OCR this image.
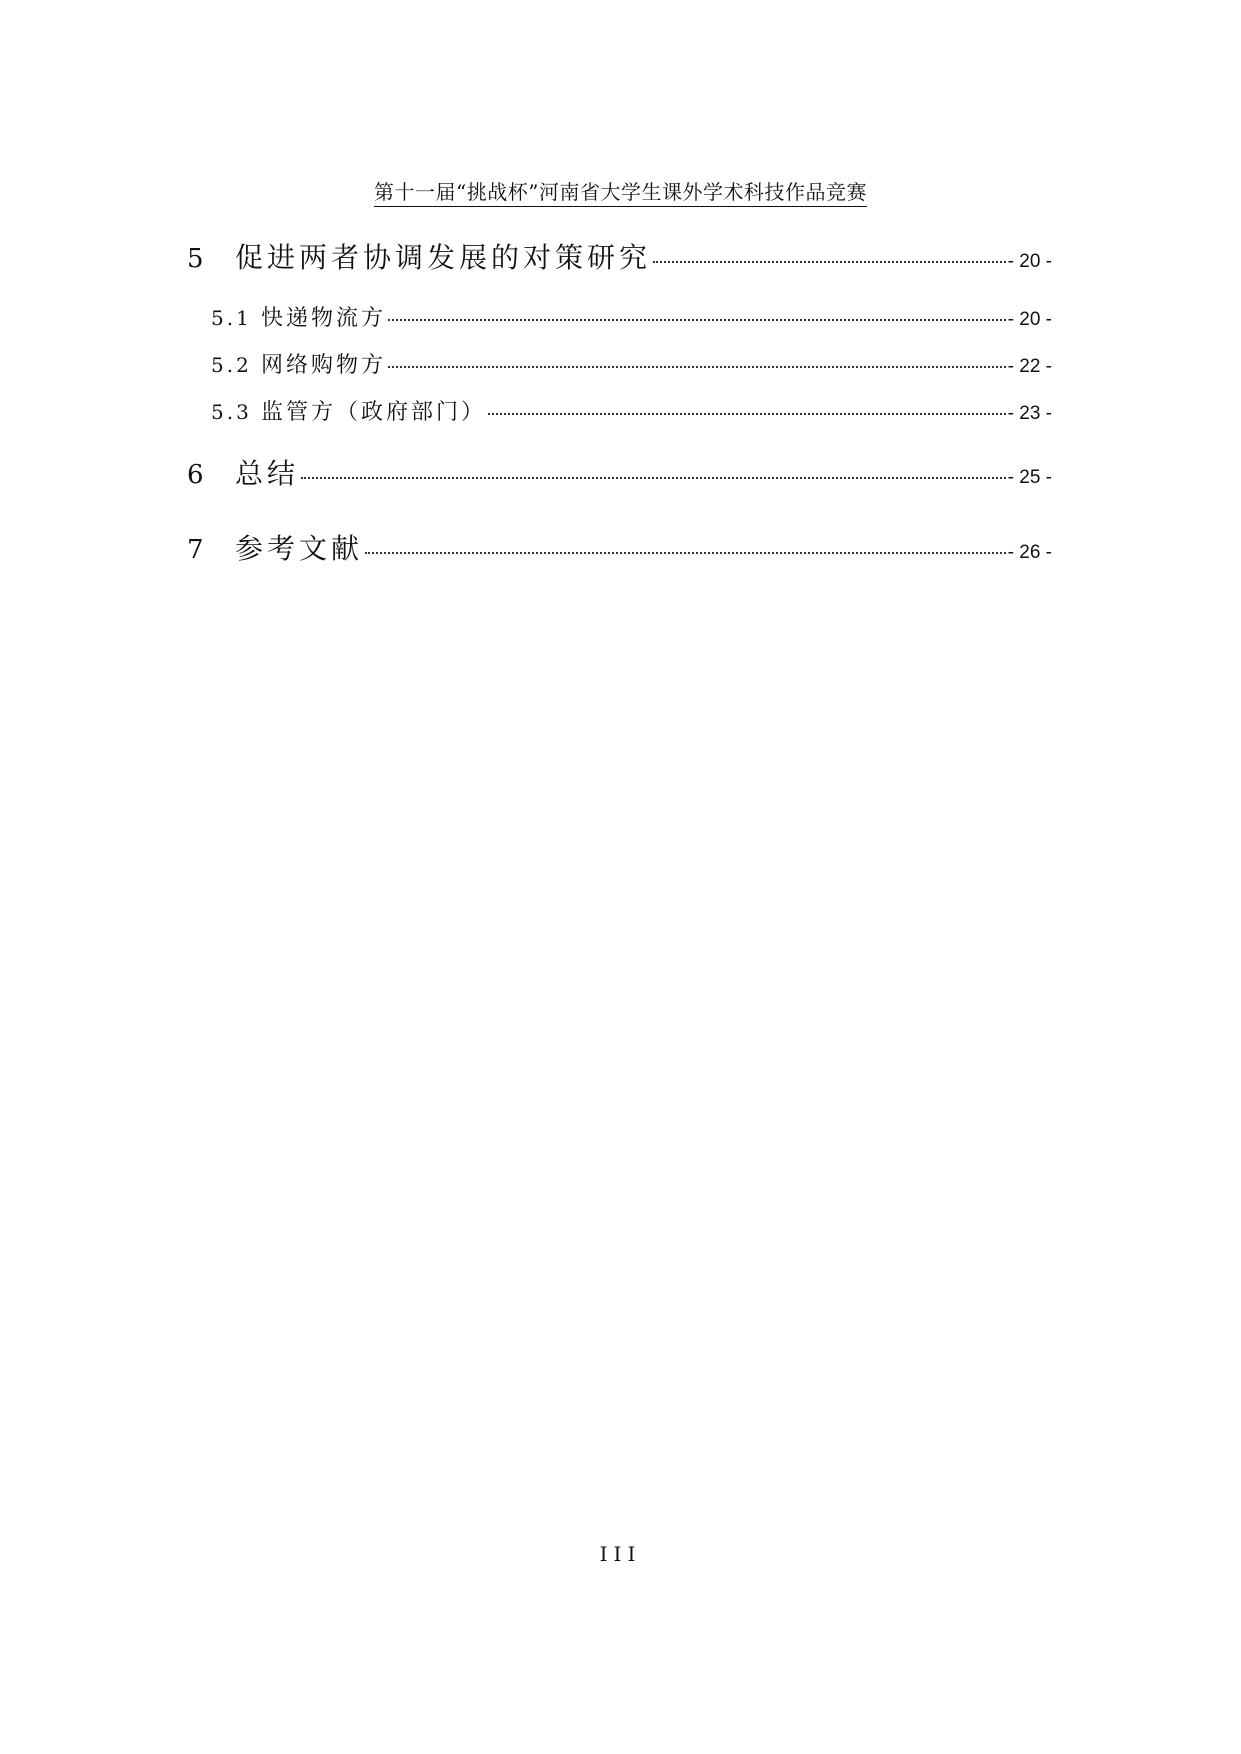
第十一届“挑战杯”河南省大学生课外学术科技作品竞赛
5	促进两者协调发展的对策研究	- 20 -
5.1 快递物流方	- 20 -
5.2 网络购物方	- 22 -
5.3 监管方（政府部门）	- 23 -
6	总结	- 25 -
7	参考文献	- 26 -
III
